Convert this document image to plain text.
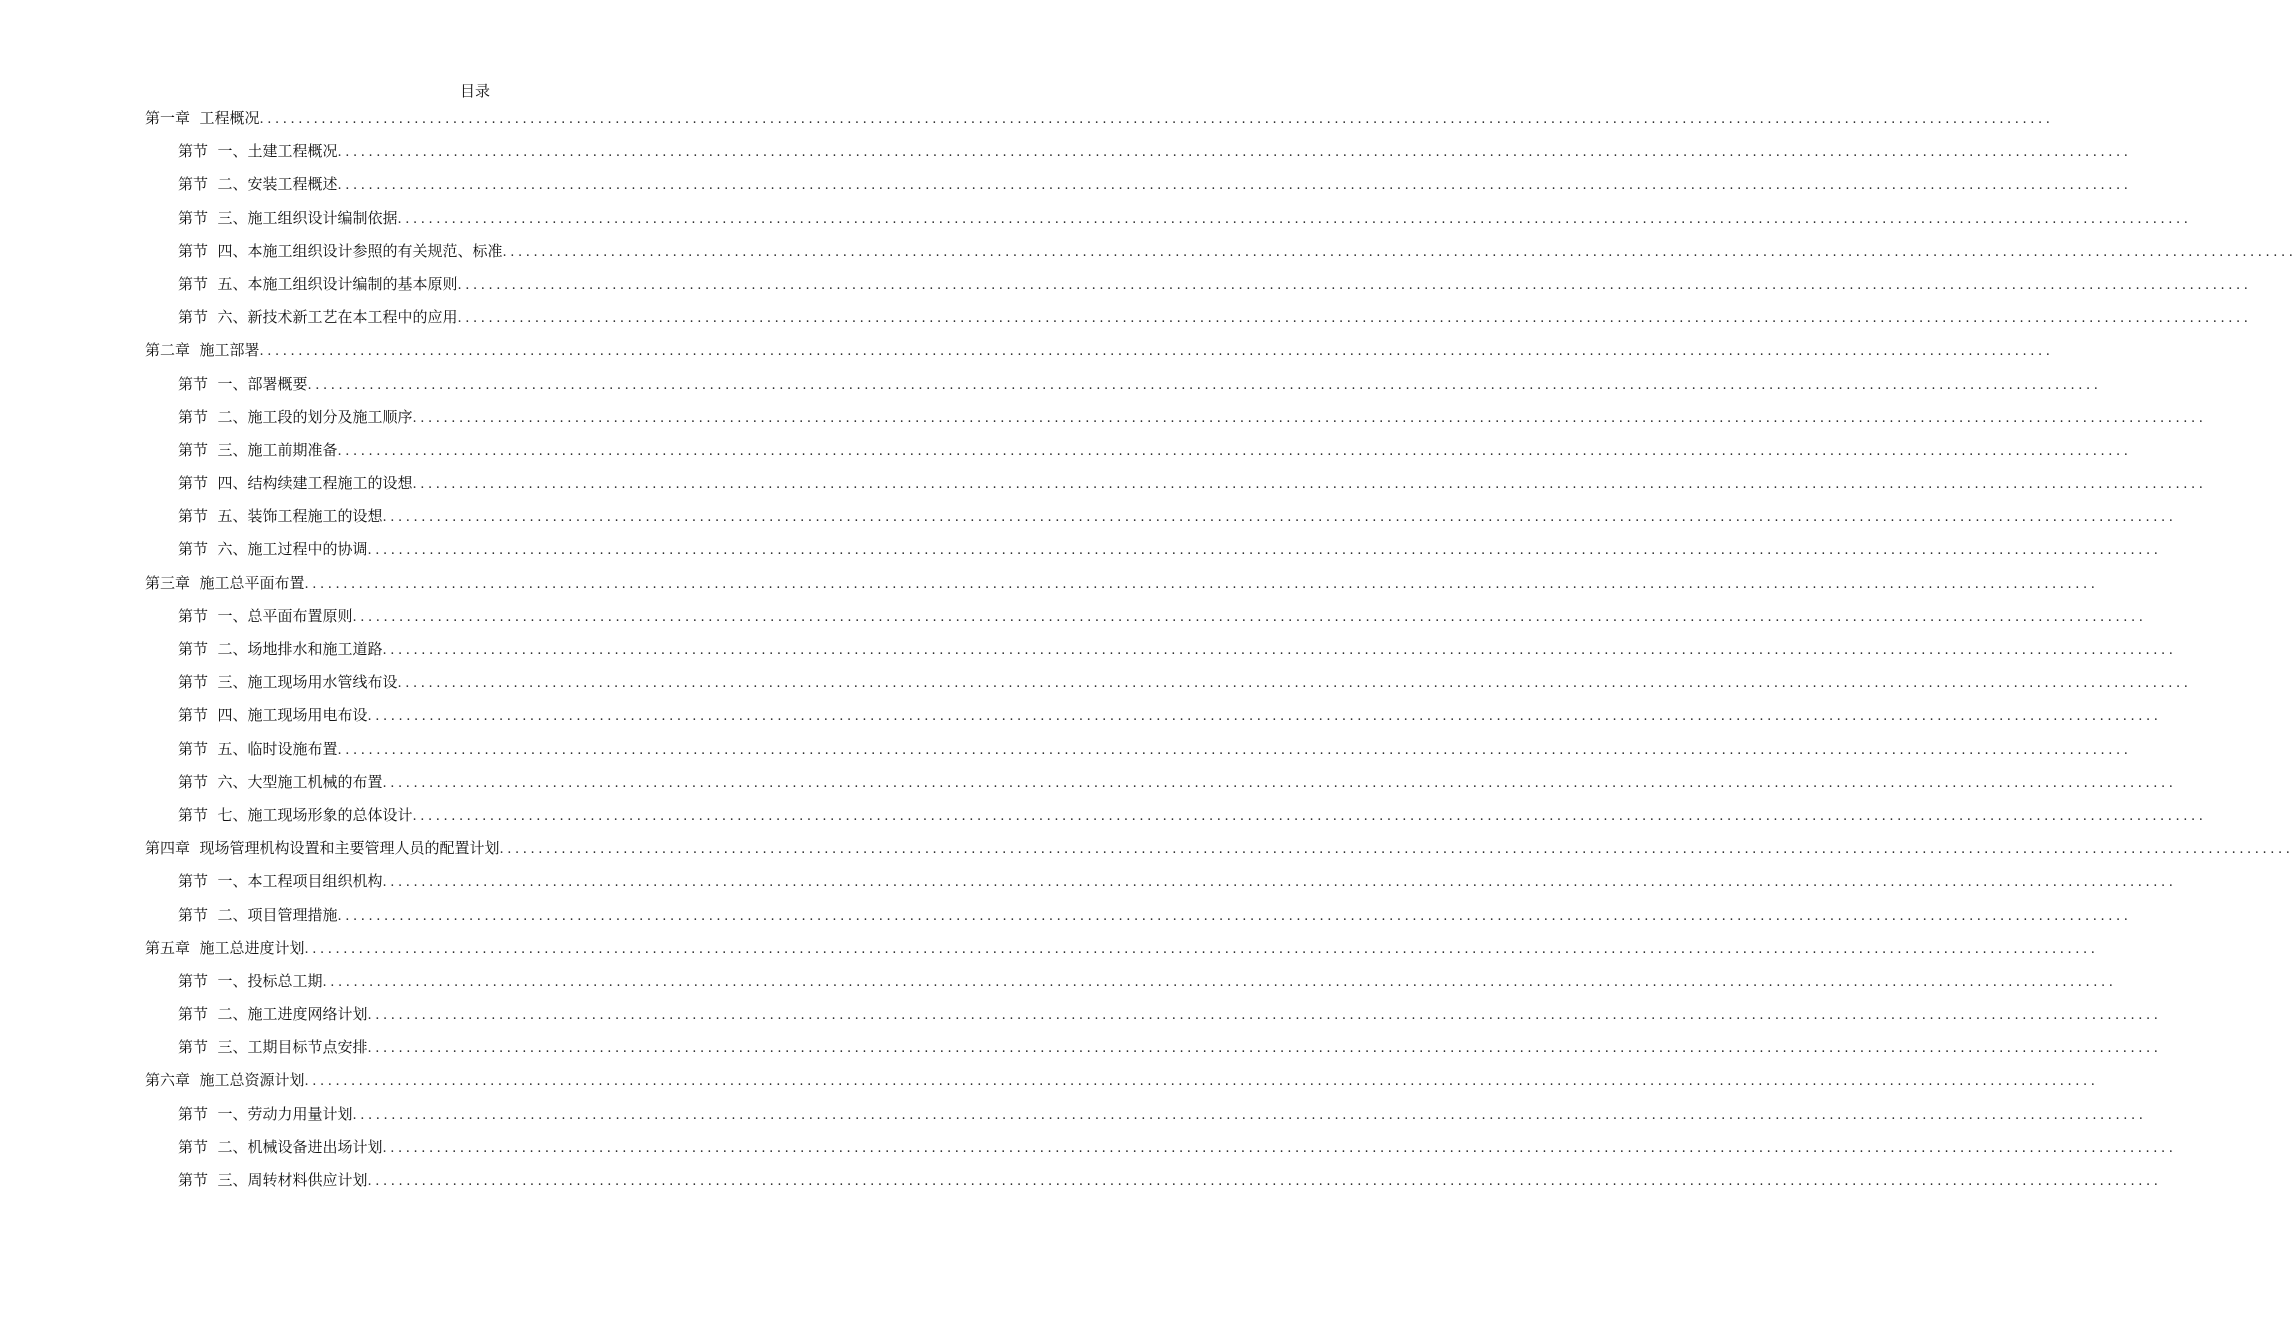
目录
第一章  工程概况 ........................................................................................................................................................................................................................................
第节  一、土建工程概况 ........................................................................................................................................................................................................................................
第节  二、安装工程概述 ........................................................................................................................................................................................................................................
第节  三、施工组织设计编制依据 ........................................................................................................................................................................................................................................
第节  四、本施工组织设计参照的有关规范、标准 ........................................................................................................................................................................................................................................
第节  五、本施工组织设计编制的基本原则 ........................................................................................................................................................................................................................................
第节  六、新技术新工艺在本工程中的应用 ........................................................................................................................................................................................................................................
第二章  施工部署 ........................................................................................................................................................................................................................................
第节  一、部署概要 ........................................................................................................................................................................................................................................
第节  二、施工段的划分及施工顺序 ........................................................................................................................................................................................................................................
第节  三、施工前期准备 ........................................................................................................................................................................................................................................
第节  四、结构续建工程施工的设想 ........................................................................................................................................................................................................................................
第节  五、装饰工程施工的设想 ........................................................................................................................................................................................................................................
第节  六、施工过程中的协调 ........................................................................................................................................................................................................................................
第三章  施工总平面布置 ........................................................................................................................................................................................................................................
第节  一、总平面布置原则 ........................................................................................................................................................................................................................................
第节  二、场地排水和施工道路 ........................................................................................................................................................................................................................................
第节  三、施工现场用水管线布设 ........................................................................................................................................................................................................................................
第节  四、施工现场用电布设 ........................................................................................................................................................................................................................................
第节  五、临时设施布置 ........................................................................................................................................................................................................................................
第节  六、大型施工机械的布置 ........................................................................................................................................................................................................................................
第节  七、施工现场形象的总体设计 ........................................................................................................................................................................................................................................
第四章  现场管理机构设置和主要管理人员的配置计划 ........................................................................................................................................................................................................................................
第节  一、本工程项目组织机构 ........................................................................................................................................................................................................................................
第节  二、项目管理措施 ........................................................................................................................................................................................................................................
第五章  施工总进度计划 ........................................................................................................................................................................................................................................
第节  一、投标总工期 ........................................................................................................................................................................................................................................
第节  二、施工进度网络计划 ........................................................................................................................................................................................................................................
第节  三、工期目标节点安排 ........................................................................................................................................................................................................................................
第六章  施工总资源计划 ........................................................................................................................................................................................................................................
第节  一、劳动力用量计划 ........................................................................................................................................................................................................................................
第节  二、机械设备进出场计划 ........................................................................................................................................................................................................................................
第节  三、周转材料供应计划 ........................................................................................................................................................................................................................................
